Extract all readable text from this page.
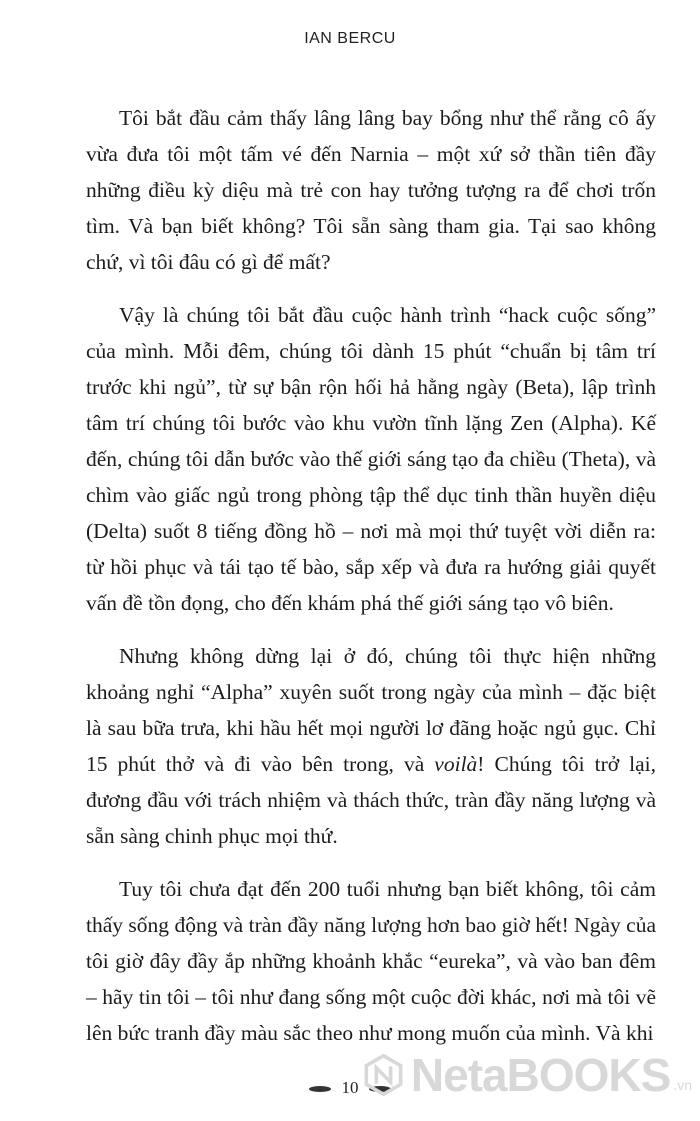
IAN BERCU

Tôi bắt đầu cảm thấy lâng lâng bay bổng như thể rằng cô ấy vừa đưa tôi một tấm vé đến Narnia – một xứ sở thần tiên đầy những điều kỳ diệu mà trẻ con hay tưởng tượng ra để chơi trốn tìm. Và bạn biết không? Tôi sẵn sàng tham gia. Tại sao không chứ, vì tôi đâu có gì để mất?

Vậy là chúng tôi bắt đầu cuộc hành trình “hack cuộc sống” của mình. Mỗi đêm, chúng tôi dành 15 phút “chuẩn bị tâm trí trước khi ngủ”, từ sự bận rộn hối hả hằng ngày (Beta), lập trình tâm trí chúng tôi bước vào khu vườn tĩnh lặng Zen (Alpha). Kế đến, chúng tôi dẫn bước vào thế giới sáng tạo đa chiều (Theta), và chìm vào giấc ngủ trong phòng tập thể dục tinh thần huyền diệu (Delta) suốt 8 tiếng đồng hồ – nơi mà mọi thứ tuyệt vời diễn ra: từ hồi phục và tái tạo tế bào, sắp xếp và đưa ra hướng giải quyết vấn đề tồn đọng, cho đến khám phá thế giới sáng tạo vô biên.

Nhưng không dừng lại ở đó, chúng tôi thực hiện những khoảng nghỉ “Alpha” xuyên suốt trong ngày của mình – đặc biệt là sau bữa trưa, khi hầu hết mọi người lơ đãng hoặc ngủ gục. Chỉ 15 phút thở và đi vào bên trong, và voilà! Chúng tôi trở lại, đương đầu với trách nhiệm và thách thức, tràn đầy năng lượng và sẵn sàng chinh phục mọi thứ.

Tuy tôi chưa đạt đến 200 tuổi nhưng bạn biết không, tôi cảm thấy sống động và tràn đầy năng lượng hơn bao giờ hết! Ngày của tôi giờ đây đầy ắp những khoảnh khắc “eureka”, và vào ban đêm – hãy tin tôi – tôi như đang sống một cuộc đời khác, nơi mà tôi vẽ lên bức tranh đầy màu sắc theo như mong muốn của mình. Và khi

10	NetaBOOKS .vn
